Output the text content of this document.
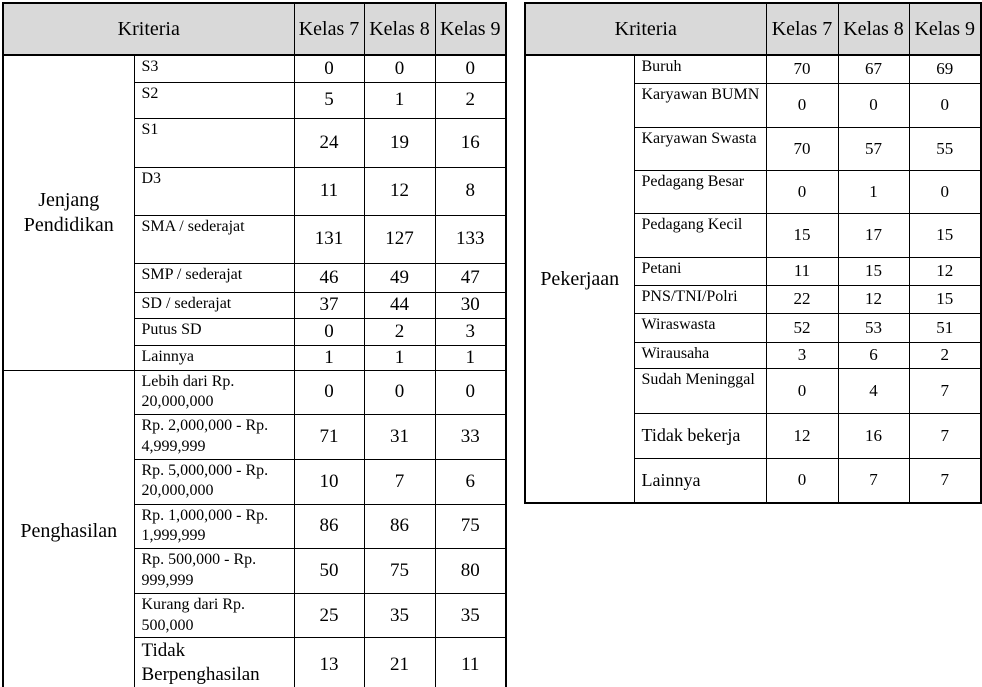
Kriteria		Kelas 7	Kelas 8	Kelas 9
Jenjang Pendidikan	S3	0	0	0
	S2	5	1	2
	S1	24	19	16
	D3	11	12	8
	SMA / sederajat	131	127	133
	SMP / sederajat	46	49	47
	SD / sederajat	37	44	30
	Putus SD	0	2	3
	Lainnya	1	1	1
Penghasilan	Lebih dari Rp. 20,000,000	0	0	0
	Rp. 2,000,000 - Rp. 4,999,999	71	31	33
	Rp. 5,000,000 - Rp. 20,000,000	10	7	6
	Rp. 1,000,000 - Rp. 1,999,999	86	86	75
	Rp. 500,000 - Rp. 999,999	50	75	80
	Kurang dari Rp. 500,000	25	35	35
	Tidak Berpenghasilan	13	21	11
Kriteria		Kelas 7	Kelas 8	Kelas 9
Pekerjaan	Buruh	70	67	69
	Karyawan BUMN	0	0	0
	Karyawan Swasta	70	57	55
	Pedagang Besar	0	1	0
	Pedagang Kecil	15	17	15
	Petani	11	15	12
	PNS/TNI/Polri	22	12	15
	Wiraswasta	52	53	51
	Wirausaha	3	6	2
	Sudah Meninggal	0	4	7
	Tidak bekerja	12	16	7
	Lainnya	0	7	7
